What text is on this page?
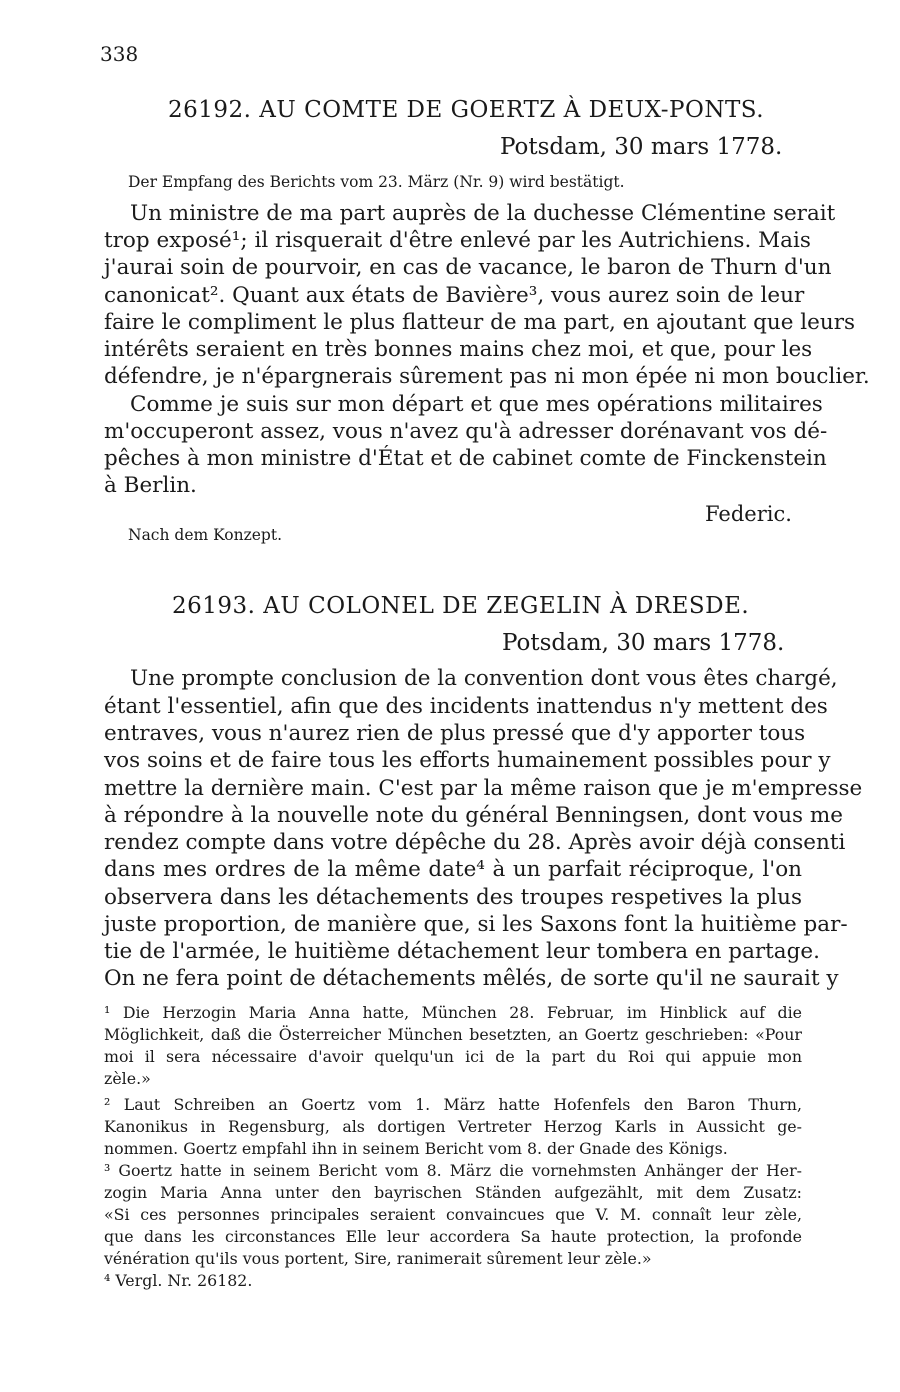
338
26192. AU COMTE DE GOERTZ À DEUX-PONTS.
Potsdam, 30 mars 1778.
Der Empfang des Berichts vom 23. März (Nr. 9) wird bestätigt.
Un ministre de ma part auprès de la duchesse Clémentine serait
trop exposé¹; il risquerait d'être enlevé par les Autrichiens. Mais
j'aurai soin de pourvoir, en cas de vacance, le baron de Thurn d'un
canonicat². Quant aux états de Bavière³, vous aurez soin de leur
faire le compliment le plus flatteur de ma part, en ajoutant que leurs
intérêts seraient en très bonnes mains chez moi, et que, pour les
défendre, je n'épargnerais sûrement pas ni mon épée ni mon bouclier.
Comme je suis sur mon départ et que mes opérations militaires
m'occuperont assez, vous n'avez qu'à adresser dorénavant vos dé-
pêches à mon ministre d'État et de cabinet comte de Finckenstein
à Berlin.
Federic.
Nach dem Konzept.
26193. AU COLONEL DE ZEGELIN À DRESDE.
Potsdam, 30 mars 1778.
Une prompte conclusion de la convention dont vous êtes chargé,
étant l'essentiel, afin que des incidents inattendus n'y mettent des
entraves, vous n'aurez rien de plus pressé que d'y apporter tous
vos soins et de faire tous les efforts humainement possibles pour y
mettre la dernière main. C'est par la même raison que je m'empresse
à répondre à la nouvelle note du général Benningsen, dont vous me
rendez compte dans votre dépêche du 28. Après avoir déjà consenti
dans mes ordres de la même date⁴ à un parfait réciproque, l'on
observera dans les détachements des troupes respetives la plus
juste proportion, de manière que, si les Saxons font la huitième par-
tie de l'armée, le huitième détachement leur tombera en partage.
On ne fera point de détachements mêlés, de sorte qu'il ne saurait y
¹ Die Herzogin Maria Anna hatte, München 28. Februar, im Hinblick auf die
Möglichkeit, daß die Österreicher München besetzten, an Goertz geschrieben: «Pour
moi il sera nécessaire d'avoir quelqu'un ici de la part du Roi qui appuie mon
zèle.»
² Laut Schreiben an Goertz vom 1. März hatte Hofenfels den Baron Thurn,
Kanonikus in Regensburg, als dortigen Vertreter Herzog Karls in Aussicht ge-
nommen. Goertz empfahl ihn in seinem Bericht vom 8. der Gnade des Königs.
³ Goertz hatte in seinem Bericht vom 8. März die vornehmsten Anhänger der Her-
zogin Maria Anna unter den bayrischen Ständen aufgezählt, mit dem Zusatz:
«Si ces personnes principales seraient convaincues que V. M. connaît leur zèle,
que dans les circonstances Elle leur accordera Sa haute protection, la profonde
vénération qu'ils vous portent, Sire, ranimerait sûrement leur zèle.»
⁴ Vergl. Nr. 26182.
